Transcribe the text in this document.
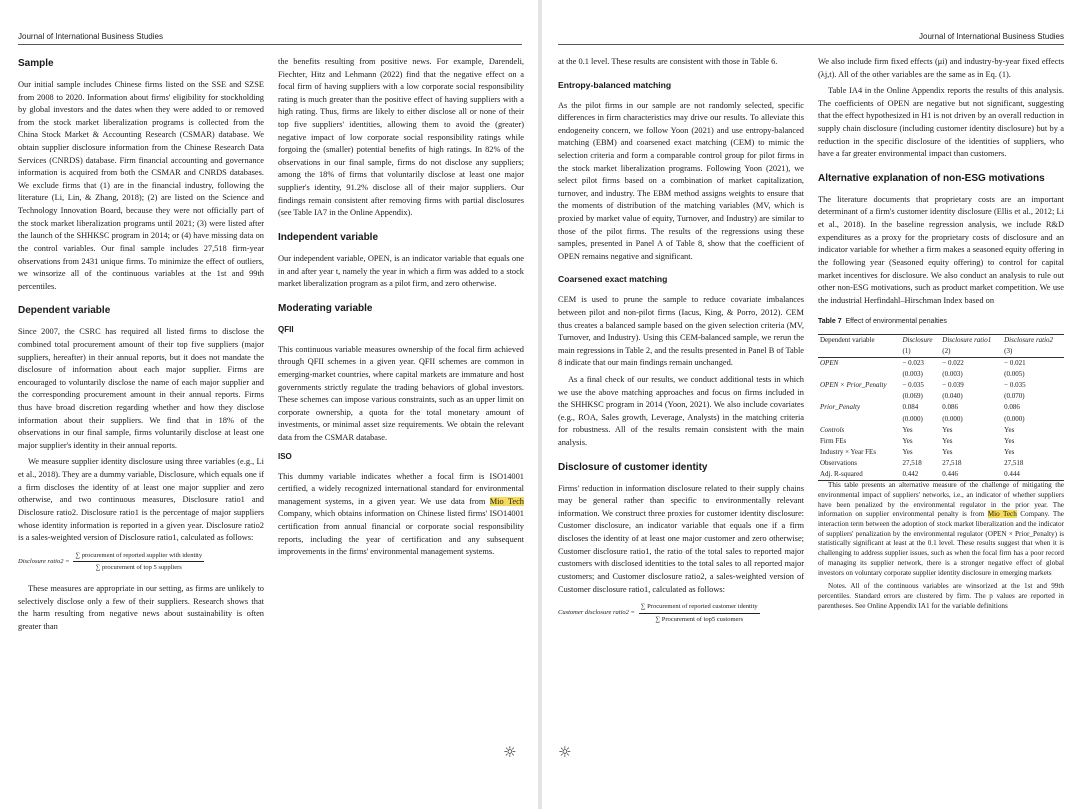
Journal of International Business Studies
Sample

Our initial sample includes Chinese firms listed on the SSE and SZSE from 2008 to 2020. Information about firms' eligibility for stockholding by global investors and the dates when they were added to or removed from the stock market liberalization programs is collected from the China Stock Market & Accounting Research (CSMAR) database. We obtain supplier disclosure information from the Chinese Research Data Services (CNRDS) database. Firm financial accounting and governance information is acquired from both the CSMAR and CNRDS databases. We exclude firms that (1) are in the financial industry, following the literature (Li, Lin, & Zhang, 2018); (2) are listed on the Science and Technology Innovation Board, because they were not officially part of the stock market liberalization programs until 2021; (3) were listed after the launch of the SHHKSC program in 2014; or (4) have missing data on the control variables. Our final sample includes 27,518 firm-year observations from 2431 unique firms. To minimize the effect of outliers, we winsorize all of the continuous variables at the 1st and 99th percentiles.

Dependent variable

Since 2007, the CSRC has required all listed firms to disclose the combined total procurement amount of their top five suppliers (major suppliers, hereafter) in their annual reports, but it does not mandate the disclosure of information about each major supplier. Firms are encouraged to voluntarily disclose the name of each major supplier and the corresponding procurement amount in their annual reports. Firms thus have broad discretion regarding whether and how they disclose information about their suppliers. We find that in 18% of the observations in our final sample, firms voluntarily disclose at least one major supplier's identity in their annual reports.

We measure supplier identity disclosure using three variables (e.g., Li et al., 2018). They are a dummy variable, Disclosure, which equals one if a firm discloses the identity of at least one major supplier and zero otherwise, and two continuous measures, Disclosure ratio1 and Disclosure ratio2. Disclosure ratio1 is the percentage of major suppliers whose identity information is reported in a given year. Disclosure ratio2 is a sales-weighted version of Disclosure ratio1, calculated as follows:

Disclosure ratio2 = $\frac{\text{∑ procurement of reported supplier with identity}}{\text{∑ procurement of top 5 suppliers}}$

These measures are appropriate in our setting, as firms are unlikely to selectively disclose only a few of their suppliers. Research shows that the harm resulting from negative news about sustainability is often greater than

the benefits resulting from positive news. For example, Darendeli, Fiechter, Hitz and Lehmann (2022) find that the negative effect on a focal firm of having suppliers with a low corporate social responsibility rating is much greater than the positive effect of having suppliers with a high rating. Thus, firms are likely to either disclose all or none of their top five suppliers' identities, allowing them to avoid the (greater) negative impact of low corporate social responsibility ratings while forgoing the (smaller) potential benefits of high ratings. In 82% of the observations in our final sample, firms do not disclose any suppliers; among the 18% of firms that voluntarily disclose at least one major supplier's identity, 91.2% disclose all of their major suppliers. Our findings remain consistent after removing firms with partial disclosures (see Table IA7 in the Online Appendix).

Independent variable

Our independent variable, OPEN, is an indicator variable that equals one in and after year t, namely the year in which a firm was added to a stock market liberalization program as a pilot firm, and zero otherwise.

Moderating variable
QFII

This continuous variable measures ownership of the focal firm achieved through QFII schemes in a given year. QFII schemes are common in emerging-market countries, where capital markets are immature and host governments strictly regulate the trading behaviors of global investors. These schemes can impose various constraints, such as an upper limit on corporate ownership, a quota for the total monetary amount of investments, or minimal asset size requirements. We obtain the relevant data from the CSMAR database.

ISO

This dummy variable indicates whether a focal firm is ISO14001 certified, a widely recognized international standard for environmental management systems, in a given year. We use data from Mio Tech Company, which obtains information on Chinese listed firms' ISO14001 certification from annual financial or corporate social responsibility reports, including the year of certification and any subsequent improvements in the firms' environmental management systems.

☼
Journal of International Business Studies

at the 0.1 level. These results are consistent with those in Table 6.

Entropy-balanced matching

As the pilot firms in our sample are not randomly selected, specific differences in firm characteristics may drive our results. To alleviate this endogeneity concern, we follow Yoon (2021) and use entropy-balanced matching (EBM) and coarsened exact matching (CEM) to mimic the selection criteria and form a comparable control group for pilot firms in the stock market liberalization programs. Following Yoon (2021), we select pilot firms based on a combination of market capitalization, turnover, and industry. The EBM method assigns weights to ensure that the moments of distribution of the matching variables (MV, which is proxied by market value of equity, Turnover, and Industry) are similar to those of the pilot firms. The results of the regressions using these samples, presented in Panel A of Table 8, show that the coefficient of OPEN remains negative and significant.

Coarsened exact matching

CEM is used to prune the sample to reduce covariate imbalances between pilot and non-pilot firms (Iacus, King, & Porro, 2012). CEM thus creates a balanced sample based on the given selection criteria (MV, Turnover, and Industry). Using this CEM-balanced sample, we rerun the main regressions in Table 2, and the results presented in Panel B of Table 8 indicate that our main findings remain unchanged.

As a final check of our results, we conduct additional tests in which we use the above matching approaches and focus on firms included in the SHHKSC program in 2014 (Yoon, 2021). We also include covariates (e.g., ROA, Sales growth, Leverage, Analysts) in the matching criteria for robustness. All of the results remain consistent with the main analysis.

Disclosure of customer identity

Firms' reduction in information disclosure related to their supply chains may be general rather than specific to environmentally relevant information. We construct three proxies for customer identity disclosure: Customer disclosure, an indicator variable that equals one if a firm discloses the identity of at least one major customer and zero otherwise; Customer disclosure ratio1, the ratio of the total sales to reported major customers with disclosed identities to the total sales to all reported major customers; and Customer disclosure ratio2, a sales-weighted version of Customer disclosure ratio1, calculated as follows:

Customer disclosure ratio2 = $\frac{\text{∑ Procurement of reported customer identity}}{\text{∑ Procurement of top5 customers}}$

We also include firm fixed effects (μi) and industry-by-year fixed effects (λj,t). All of the other variables are the same as in Eq. (1).

Table IA4 in the Online Appendix reports the results of this analysis. The coefficients of OPEN are negative but not significant, suggesting that the effect hypothesized in H1 is not driven by an overall reduction in supply chain disclosure (including customer identity disclosure) but by a reduction in the specific disclosure of the identities of suppliers, who have a far greater environmental impact than customers.

Alternative explanation of non-ESG motivations

The literature documents that proprietary costs are an important determinant of a firm's customer identity disclosure (Ellis et al., 2012; Li et al., 2018). In the baseline regression analysis, we include R&D expenditures as a proxy for the proprietary costs of disclosure and an indicator variable for whether a firm makes a seasoned equity offering in the following year (Seasoned equity offering) to control for capital market incentives for disclosure. We also conduct an analysis to rule out other non-ESG motivations, such as product market competition. We use the industrial Herfindahl–Hirschman Index based on

Table 7 Effect of environmental penalties
Dependent variable	Disclosure	Disclosure ratio1	Disclosure ratio2
	(1)	(2)	(3)
OPEN	− 0.023	− 0.022	− 0.021
	(0.003)	(0.003)	(0.005)
OPEN × Prior_Penalty	− 0.035	− 0.039	− 0.035
	(0.069)	(0.040)	(0.070)
Prior_Penalty	0.084	0.086	0.086
	(0.000)	(0.000)	(0.000)
Controls	Yes	Yes	Yes
Firm FEs	Yes	Yes	Yes
Industry × Year FEs	Yes	Yes	Yes
Observations	27,518	27,518	27,518
Adj. R-squared	0.442	0.446	0.444

This table presents an alternative measure of the challenge of mitigating the environmental impact of suppliers' networks, i.e., an indicator of whether suppliers have been penalized by the environmental regulator in the prior year. The information on supplier environmental penalty is from Mio Tech Company. The interaction term between the adoption of stock market liberalization and the indicator of suppliers' penalization by the environmental regulator (OPEN × Prior_Penalty) is statistically significant at least at the 0.1 level. These results suggest that when it is challenging to address supplier issues, such as when the focal firm has a poor record of managing its supplier network, there is a stronger negative effect of global investors on voluntary corporate supplier identity disclosure in emerging markets

Notes. All of the continuous variables are winsorized at the 1st and 99th percentiles. Standard errors are clustered by firm. The p values are reported in parentheses. See Online Appendix IA1 for the variable definitions

☼
